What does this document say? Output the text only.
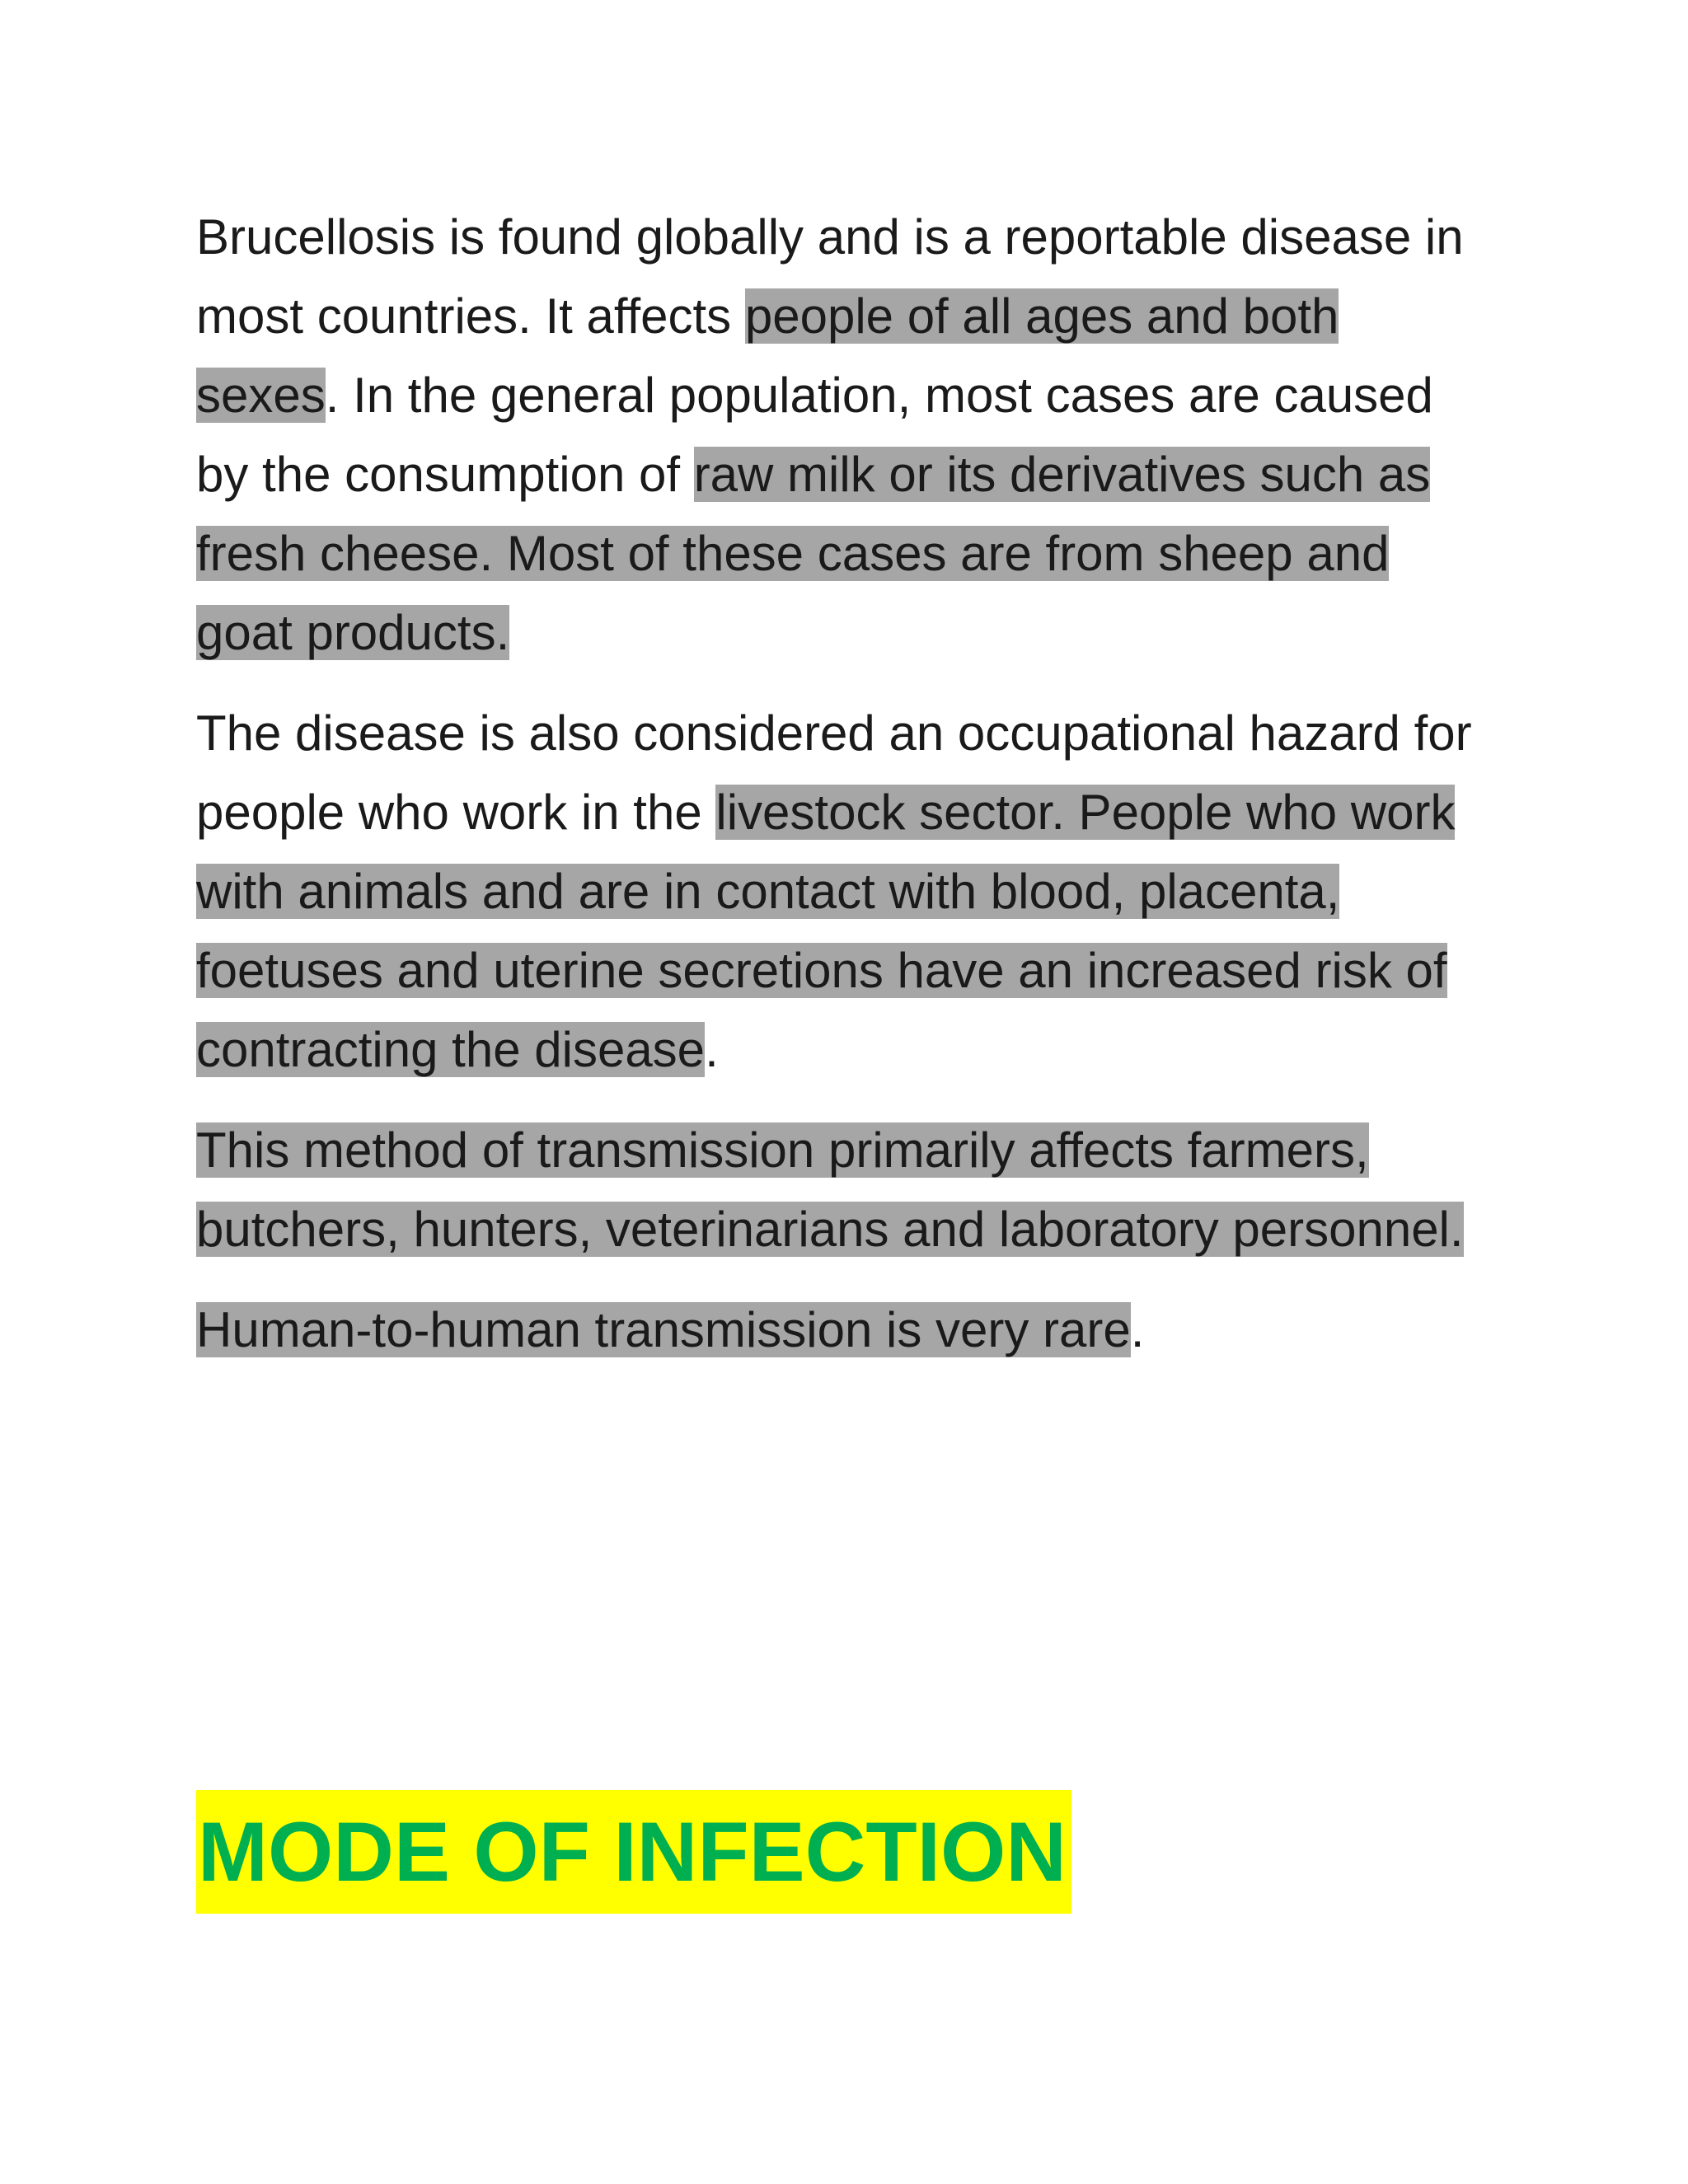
Brucellosis is found globally and is a reportable disease in most countries. It affects people of all ages and both sexes. In the general population, most cases are caused by the consumption of raw milk or its derivatives such as fresh cheese. Most of these cases are from sheep and goat products.

The disease is also considered an occupational hazard for people who work in the livestock sector. People who work with animals and are in contact with blood, placenta, foetuses and uterine secretions have an increased risk of contracting the disease.

This method of transmission primarily affects farmers, butchers, hunters, veterinarians and laboratory personnel.

Human-to-human transmission is very rare.

MODE OF INFECTION
